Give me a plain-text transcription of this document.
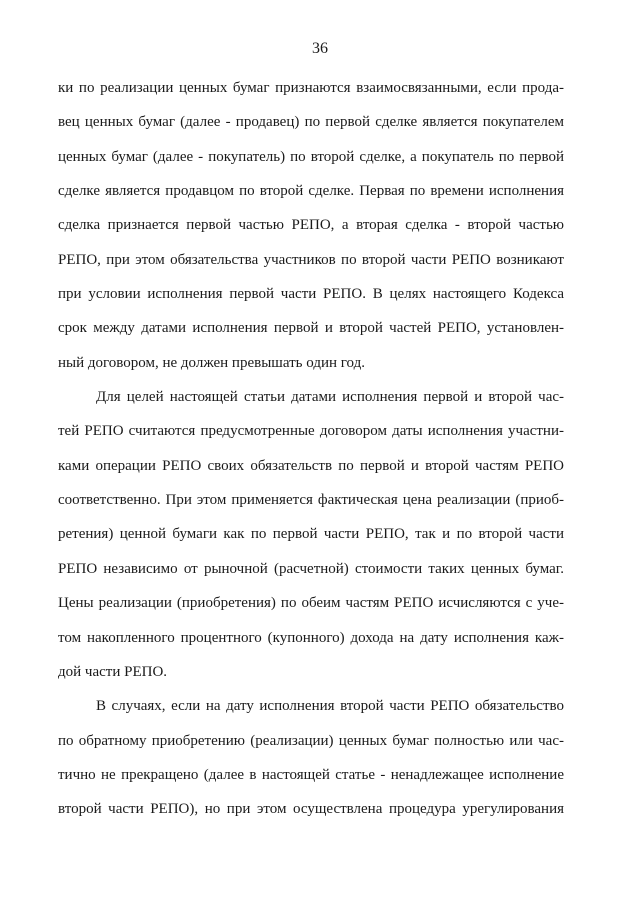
36
ки по реализации ценных бумаг признаются взаимосвязанными, если прода-
вец ценных бумаг (далее - продавец) по первой сделке является покупателем
ценных бумаг (далее - покупатель) по второй сделке, а покупатель по первой
сделке является продавцом по второй сделке. Первая по времени исполнения
сделка признается первой частью РЕПО, а вторая сделка - второй частью
РЕПО, при этом обязательства участников по второй части РЕПО возникают
при условии исполнения первой части РЕПО. В целях настоящего Кодекса
срок между датами исполнения первой и второй частей РЕПО, установлен-
ный договором, не должен превышать один год.
Для целей настоящей статьи датами исполнения первой и второй час-
тей РЕПО считаются предусмотренные договором даты исполнения участни-
ками операции РЕПО своих обязательств по первой и второй частям РЕПО
соответственно. При этом применяется фактическая цена реализации (приоб-
ретения) ценной бумаги как по первой части РЕПО, так и по второй части
РЕПО независимо от рыночной (расчетной) стоимости таких ценных бумаг.
Цены реализации (приобретения) по обеим частям РЕПО исчисляются с уче-
том накопленного процентного (купонного) дохода на дату исполнения каж-
дой части РЕПО.
В случаях, если на дату исполнения второй части РЕПО обязательство
по обратному приобретению (реализации) ценных бумаг полностью или час-
тично не прекращено (далее в настоящей статье - ненадлежащее исполнение
второй части РЕПО), но при этом осуществлена процедура урегулирования
